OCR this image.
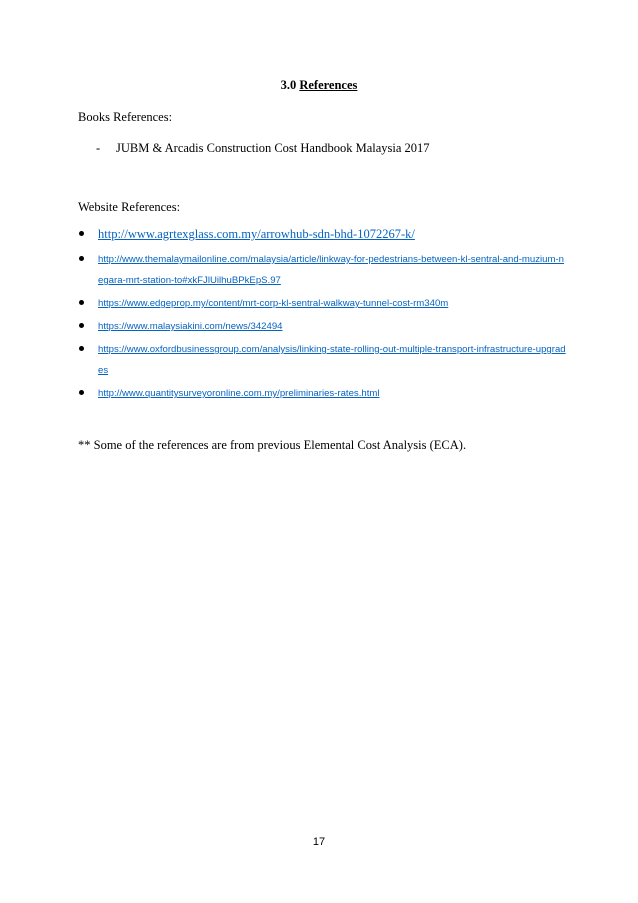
3.0 References
Books References:
- JUBM & Arcadis Construction Cost Handbook Malaysia 2017
Website References:
http://www.agrtexglass.com.my/arrowhub-sdn-bhd-1072267-k/
http://www.themalaymailonline.com/malaysia/article/linkway-for-pedestrians-between-kl-sentral-and-muzium-negara-mrt-station-to#xkFJlUilhuBPkEpS.97
https://www.edgeprop.my/content/mrt-corp-kl-sentral-walkway-tunnel-cost-rm340m
https://www.malaysiakini.com/news/342494
https://www.oxfordbusinessgroup.com/analysis/linking-state-rolling-out-multiple-transport-infrastructure-upgrades
http://www.quantitysurveyoronline.com.my/preliminaries-rates.html
** Some of the references are from previous Elemental Cost Analysis (ECA).
17
